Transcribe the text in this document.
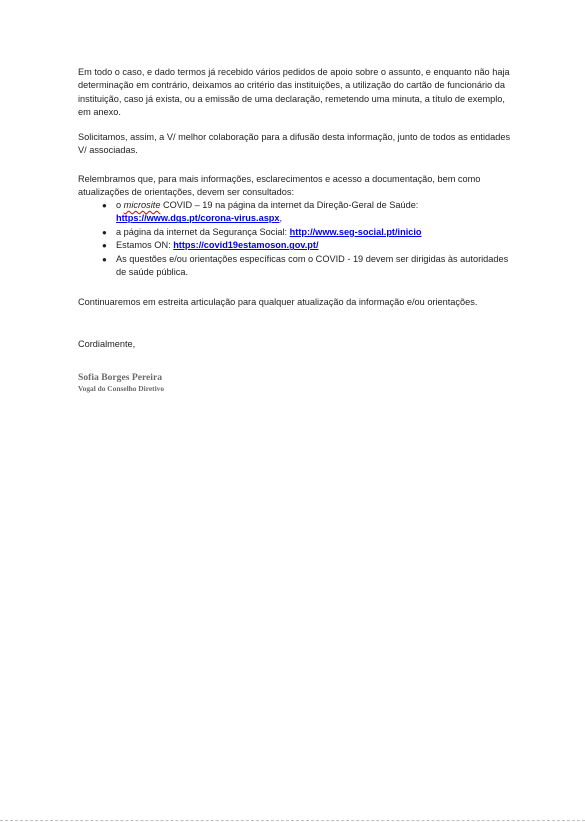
Em todo o caso, e dado termos já recebido vários pedidos de apoio sobre o assunto, e enquanto não haja determinação em contrário, deixamos ao critério das instituições, a utilização do cartão de funcionário da instituição, caso já exista, ou a emissão de uma declaração, remetendo uma minuta, a título de exemplo, em anexo.

Solicitamos, assim, a V/ melhor colaboração para a difusão desta informação, junto de todos as entidades V/ associadas.

Relembramos que, para mais informações, esclarecimentos e acesso a documentação, bem como atualizações de orientações, devem ser consultados:

● o microsite COVID – 19 na página da internet da Direção-Geral de Saúde: https://www.dgs.pt/corona-virus.aspx,
● a página da internet da Segurança Social: http://www.seg-social.pt/inicio
● Estamos ON: https://covid19estamoson.gov.pt/
● As questões e/ou orientações específicas com o COVID - 19 devem ser dirigidas às autoridades de saúde pública.

Continuaremos em estreita articulação para qualquer atualização da informação e/ou orientações.

Cordialmente,

Sofia Borges Pereira
Vogal do Conselho Diretivo
